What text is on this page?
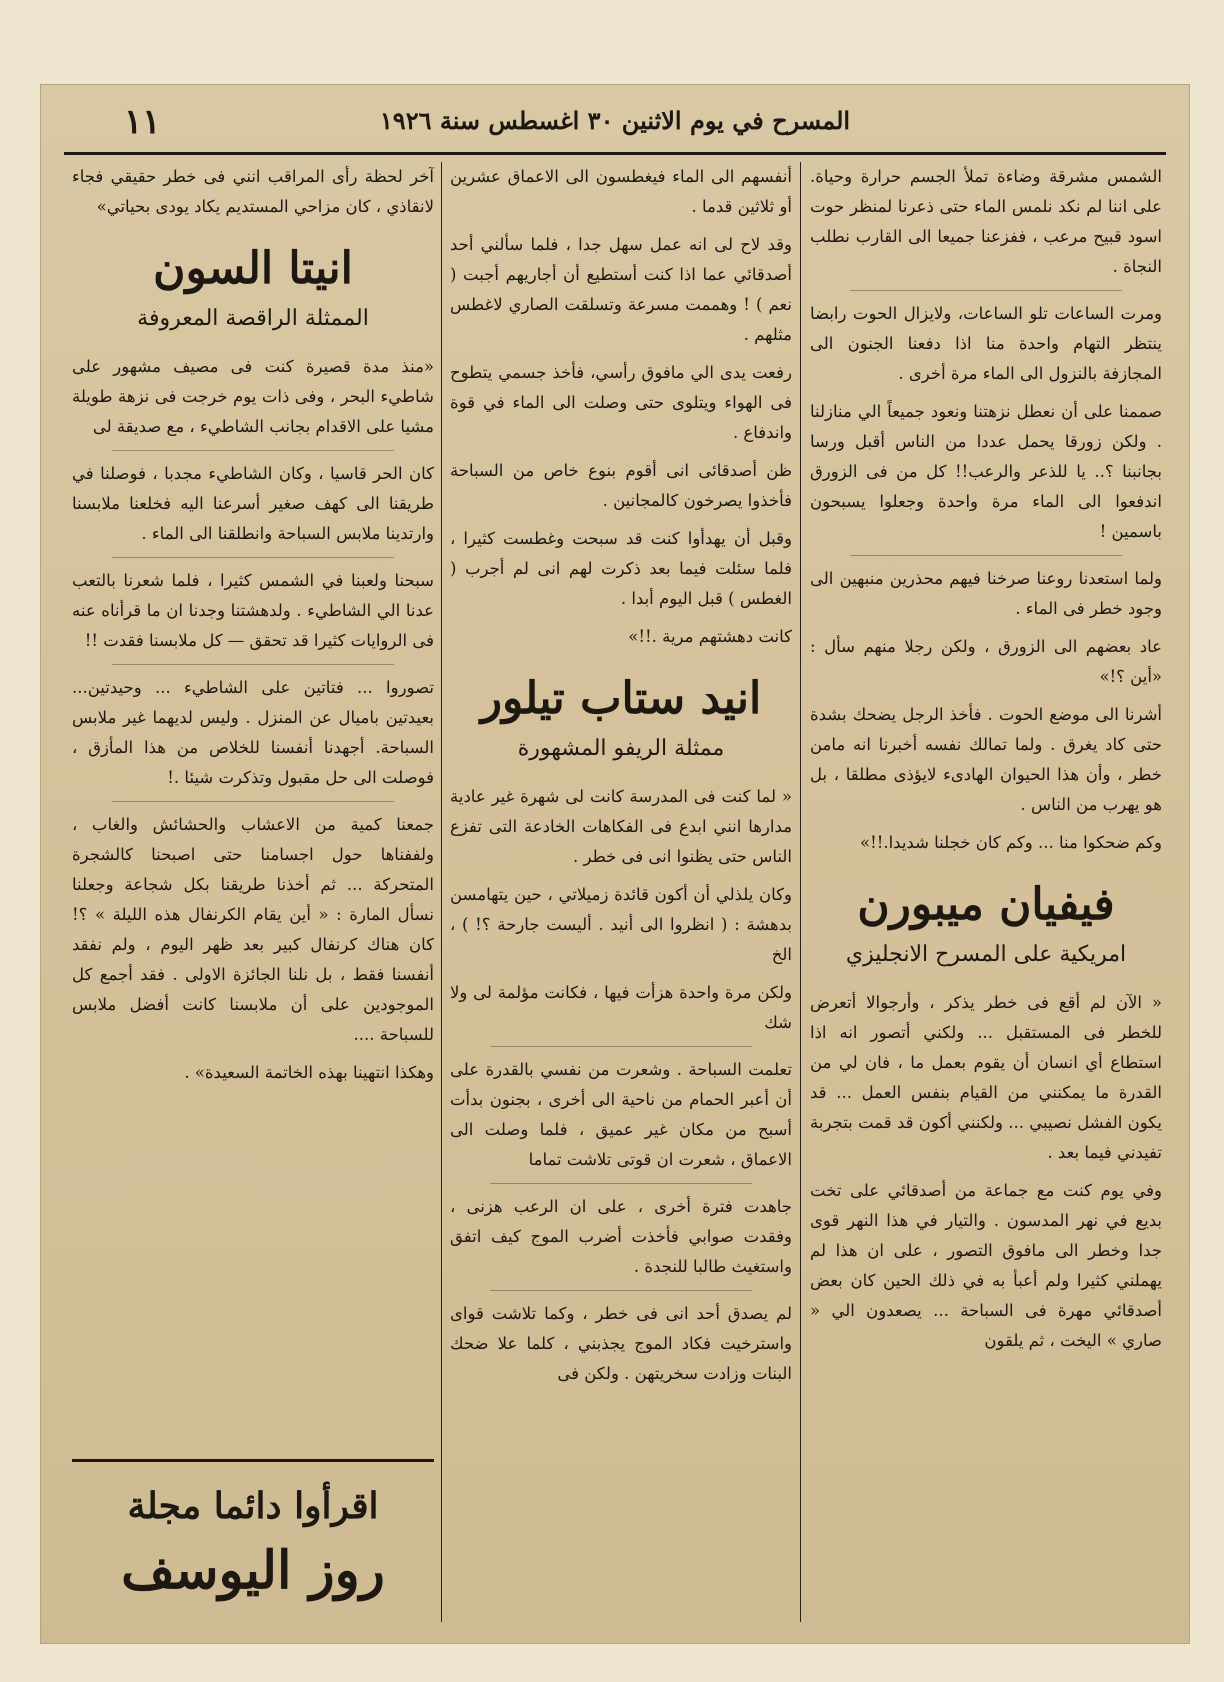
المسرح في يوم الاثنين ٣٠ اغسطس سنة ١٩٢٦
١١

الشمس مشرقة وضاءة تملأ الجسم حرارة وحياة. على اننا لم نكد نلمس الماء حتى ذعرنا لمنظر حوت اسود قبيح مرعب ، ففزعنا جميعا الى القارب نطلب النجاة .

ومرت الساعات تلو الساعات، ولايزال الحوت رابضا ينتظر التهام واحدة منا اذا دفعنا الجنون الى المجازفة بالنزول الى الماء مرة أخرى .

صممنا على أن نعطل نزهتنا ونعود جميعاً الي منازلنا . ولكن زورقا يحمل عددا من الناس أقبل ورسا بجانبنا ؟.. يا للذعر والرعب!! كل من فى الزورق اندفعوا الى الماء مرة واحدة وجعلوا يسبحون باسمين !

ولما استعدنا روعنا صرخنا فيهم محذرين منبهين الى وجود خطر فى الماء .

عاد بعضهم الى الزورق ، ولكن رجلا منهم سأل : «أين ؟!»

أشرنا الى موضع الحوت . فأخذ الرجل يضحك بشدة حتى كاد يغرق . ولما تمالك نفسه أخبرنا انه مامن خطر ، وأن هذا الحيوان الهادىء لايؤذى مطلقا ، بل هو يهرب من الناس .

وكم ضحكوا منا ... وكم كان خجلنا شديدا.!!»

فيفيان ميبورن
امريكية على المسرح الانجليزي

« الآن لم أقع فى خطر يذكر ، وأرجوالا أتعرض للخطر فى المستقبل ... ولكني أتصور انه اذا استطاع أي انسان أن يقوم بعمل ما ، فان لي من القدرة ما يمكنني من القيام بنفس العمل ... قد يكون الفشل نصيبي ... ولكنني أكون قد قمت بتجربة تفيدني فيما بعد .

وفي يوم كنت مع جماعة من أصدقائي على تخت بديع في نهر المدسون . والتيار في هذا النهر قوى جدا وخطر الى مافوق التصور ، على ان هذا لم يهملني كثيرا ولم أعبأ به في ذلك الحين كان بعض أصدقائي مهرة فى السباحة ... يصعدون الي « صاري » اليخت ، ثم يلقون

أنفسهم الى الماء فيغطسون الى الاعماق عشرين أو ثلاثين قدما .

وقد لاح لى انه عمل سهل جدا ، فلما سألني أحد أصدقائي عما اذا كنت أستطيع أن أجاريهم أجبت ( نعم ) ! وهممت مسرعة وتسلقت الصاري لاغطس مثلهم .

رفعت يدى الي مافوق رأسي، فأخذ جسمي يتطوح فى الهواء ويتلوى حتى وصلت الى الماء في قوة واندفاع .

ظن أصدقائى انى أقوم بنوع خاص من السباحة فأخذوا يصرخون كالمجانين .

وقبل أن يهدأوا كنت قد سبحت وغطست كثيرا ، فلما سئلت فيما بعد ذكرت لهم انى لم أجرب ( الغطس ) قبل اليوم أبدا .

كانت دهشتهم مرية .!!»

انيد ستاب تيلور
ممثلة الريفو المشهورة

« لما كنت فى المدرسة كانت لى شهرة غير عادية مدارها انني ابدع فى الفكاهات الخادعة التى تفزع الناس حتى يظنوا انى فى خطر .

وكان يلذلي أن أكون قائدة زميلاتي ، حين يتهامسن بدهشة : ( انظروا الى أنيد . أليست جارحة ؟! ) ، الخ

ولكن مرة واحدة هزأت فيها ، فكانت مؤلمة لى ولا شك

تعلمت السباحة . وشعرت من نفسي بالقدرة على أن أعبر الحمام من ناحية الى أخرى ، بجنون بدأت أسبح من مكان غير عميق ، فلما وصلت الى الاعماق ، شعرت ان قوتى تلاشت تماما

جاهدت فترة أخرى ، على ان الرعب هزنى ، وفقدت صوابي فأخذت أضرب الموج كيف اتفق واستغيث طالبا للنجدة .

لم يصدق أحد انى فى خطر ، وكما تلاشت قواى واسترخيت فكاد الموج يجذبني ، كلما علا ضحك البنات وزادت سخريتهن . ولكن فى

آخر لحظة رأى المراقب انني فى خطر حقيقي فجاء لانقاذي ، كان مزاحي المستديم يكاد يودى بحياتي»

انيتا السون
الممثلة الراقصة المعروفة

«منذ مدة قصيرة كنت فى مصيف مشهور على شاطيء البحر ، وفى ذات يوم خرجت فى نزهة طويلة مشيا على الاقدام بجانب الشاطيء ، مع صديقة لى

كان الحر قاسيا ، وكان الشاطيء مجدبا ، فوصلنا في طريقنا الى كهف صغير أسرعنا اليه فخلعنا ملابسنا وارتدينا ملابس السباحة وانطلقنا الى الماء .

سبحنا ولعبنا في الشمس كثيرا ، فلما شعرنا بالتعب عدنا الي الشاطيء . ولدهشتنا وجدنا ان ما قرأناه عنه فى الروايات كثيرا قد تحقق — كل ملابسنا فقدت !!

تصوروا ... فتاتين على الشاطيء ... وحيدتين... بعيدتين باميال عن المنزل . وليس لديهما غير ملابس السباحة. أجهدنا أنفسنا للخلاص من هذا المأزق ، فوصلت الى حل مقبول وتذكرت شيئا .!

جمعنا كمية من الاعشاب والحشائش والغاب ، ولففناها حول اجسامنا حتى اصبحنا كالشجرة المتحركة ... ثم أخذنا طريقنا بكل شجاعة وجعلنا نسأل المارة : « أين يقام الكرنفال هذه الليلة » ؟! كان هناك كرنفال كبير بعد ظهر اليوم ، ولم نفقد أنفسنا فقط ، بل نلنا الجائزة الاولى . فقد أجمع كل الموجودين على أن ملابسنا كانت أفضل ملابس للسباحة ....

وهكذا انتهينا بهذه الخاتمة السعيدة» .

اقرأوا دائما مجلة
روز اليوسف
